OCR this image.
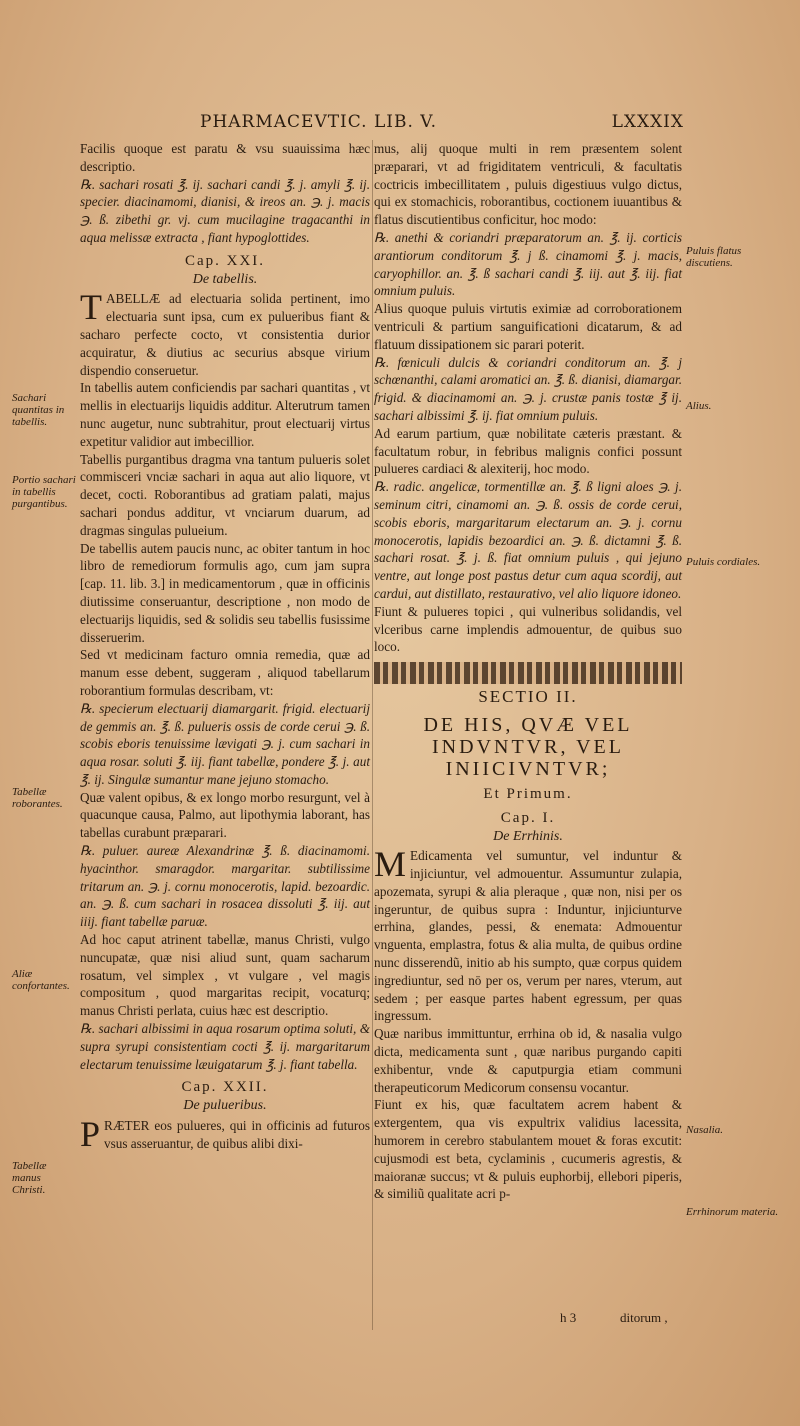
PHARMACEVTIC. LIB. V.	LXXXIX

Facilis quoque est paratu & vsu suauissima hæc descriptio.

℞. sachari rosati ℥. ij. sachari candi ℥. j. amyli ℥. ij. specier. diacinamomi, dianisi, & ireos an. ℈. j. macis ℈. ß. zibethi gr. vj. cum mucilagine tragacanthi in aqua melissæ extracta , fiant hypoglottides.

Cap. XXI.
De tabellis.

TABELLÆ ad electuaria solida pertinent, imo electuaria sunt ipsa, cum ex pulueribus fiant & sacharo perfecte cocto, vt consistentia durior acquiratur, & diutius ac securius absque virium dispendio conseruetur.

In tabellis autem conficiendis par sachari quantitas , vt mellis in electuarijs liquidis additur. Alterutrum tamen nunc augetur, nunc subtrahitur, prout electuarij virtus expetitur validior aut imbecillior.

Tabellis purgantibus dragma vna tantum pulueris solet commisceri vnciæ sachari in aqua aut alio liquore, vt decet, cocti. Roborantibus ad gratiam palati, majus sachari pondus additur, vt vnciarum duarum, ad dragmas singulas pulueium.

De tabellis autem paucis nunc, ac obiter tantum in hoc libro de remediorum formulis ago, cum jam supra [cap. 11. lib. 3.] in medicamentorum , quæ in officinis diutissime conseruantur, descriptione , non modo de electuarijs liquidis, sed & solidis seu tabellis fusissime disseruerim.

Sed vt medicinam facturo omnia remedia, quæ ad manum esse debent, suggeram , aliquod tabellarum roborantium formulas describam, vt:

℞. specierum electuarij diamargarit. frigid. electuarij de gemmis an. ℥. ß. pulueris ossis de corde cerui ℈. ß. scobis eboris tenuissime lævigati ℈. j. cum sachari in aqua rosar. soluti ℥. iij. fiant tabellæ, pondere ℥. j. aut ℥. ij. Singulæ sumantur mane jejuno stomacho.

Quæ valent opibus, & ex longo morbo resurgunt, vel à quacunque causa, Palmo, aut lipothymia laborant, has tabellas curabunt præparari.

℞. puluer. aureæ Alexandrinæ ℥. ß. diacinamomi. hyacinthor. smaragdor. margaritar. subtilissime tritarum an. ℈. j. cornu monocerotis, lapid. bezoardic. an. ℈. ß. cum sachari in rosacea dissoluti ℥. iij. aut iiij. fiant tabellæ paruæ.

Ad hoc caput atrinent tabellæ, manus Christi, vulgo nuncupatæ, quæ nisi aliud sunt, quam sacharum rosatum, vel simplex , vt vulgare , vel magis compositum , quod margaritas recipit, vocaturq; manus Christi perlata, cuius hæc est descriptio.

℞. sachari albissimi in aqua rosarum optima soluti, & supra syrupi consistentiam cocti ℥. ij. margaritarum electarum tenuissime læuigatarum ℥. j. fiant tabella.

Cap. XXII.
De pulueribus.

PRÆTER eos pulueres, qui in officinis ad futuros vsus asseruantur, de quibus alibi dixi-

mus, alij quoque multi in rem præsentem solent præparari, vt ad frigiditatem ventriculi, & facultatis coctricis imbecillitatem , puluis digestiuus vulgo dictus, qui ex stomachicis, roborantibus, coctionem iuuantibus & flatus discutientibus conficitur, hoc modo:

℞. anethi & coriandri præparatorum an. ℥. ij. corticis arantiorum conditorum ℥. j ß. cinamomi ℥. j. macis, caryophillor. an. ℥. ß sachari candi ℥. iij. aut ℥. iij. fiat omnium puluis.

Alius quoque puluis virtutis eximiæ ad corroborationem ventriculi & partium sanguificationi dicatarum, & ad flatuum dissipationem sic parari poterit.

℞. fœniculi dulcis & coriandri conditorum an. ℥. j schœnanthi, calami aromatici an. ℥. ß. dianisi, diamargar. frigid. & diacinamomi an. ℈. j. crustæ panis tostæ ℥ ij. sachari albissimi ℥. ij. fiat omnium puluis.

Ad earum partium, quæ nobilitate cæteris præstant. & facultatum robur, in febribus malignis confici possunt pulueres cardiaci & alexiterij, hoc modo.

℞. radic. angelicæ, tormentillæ an. ℥. ß ligni aloes ℈. j. seminum citri, cinamomi an. ℈. ß. ossis de corde cerui, scobis eboris, margaritarum electarum an. ℈. j. cornu monocerotis, lapidis bezoardici an. ℈. ß. dictamni ℥. ß. sachari rosat. ℥. j. ß. fiat omnium puluis , qui jejuno ventre, aut longe post pastus detur cum aqua scordij, aut cardui, aut distillato, restaurativo, vel alio liquore idoneo.

Fiunt & pulueres topici , qui vulneribus solidandis, vel vlceribus carne implendis admouentur, de quibus suo loco.

SECTIO II.
DE HIS, QVÆ VEL INDVNTVR, VEL INIICIVNTVR;
Et Primum.
Cap. I.
De Errhinis.

M Edicamenta vel sumuntur, vel induntur & injiciuntur, vel admouentur. Assumuntur zulapia, apozemata, syrupi & alia pleraque , quæ non, nisi per os ingeruntur, de quibus supra : Induntur, injiciunturve errhina, glandes, pessi, & enemata: Admouentur vnguenta, emplastra, fotus & alia multa, de quibus ordine nunc disserendũ, initio ab his sumpto, quæ corpus quidem ingrediuntur, sed nō per os, verum per nares, vterum, aut sedem ; per easque partes habent egressum, per quas ingressum.

Quæ naribus immittuntur, errhina ob id, & nasalia vulgo dicta, medicamenta sunt , quæ naribus purgando capiti exhibentur, vnde & caputpurgia etiam communi therapeuticorum Medicorum consensu vocantur.

Fiunt ex his, quæ facultatem acrem habent & extergentem, qua vis expultrix validius lacessita, humorem in cerebro stabulantem mouet & foras excutit: cujusmodi est beta, cyclaminis , cucumeris agrestis, & maioranæ succus; vt & puluis euphorbij, ellebori piperis, & similiũ qualitate acri p-

Sachari quantitas in tabellis.
Portio sachari in tabellis purgantibus.
Tabellæ roborantes.
Aliæ confortantes.
Tabellæ manus Christi.
Puluis flatus discutiens.
Alius.
Puluis cordiales.
Nasalia.
Errhinorum materia.
h 3	ditorum ,
